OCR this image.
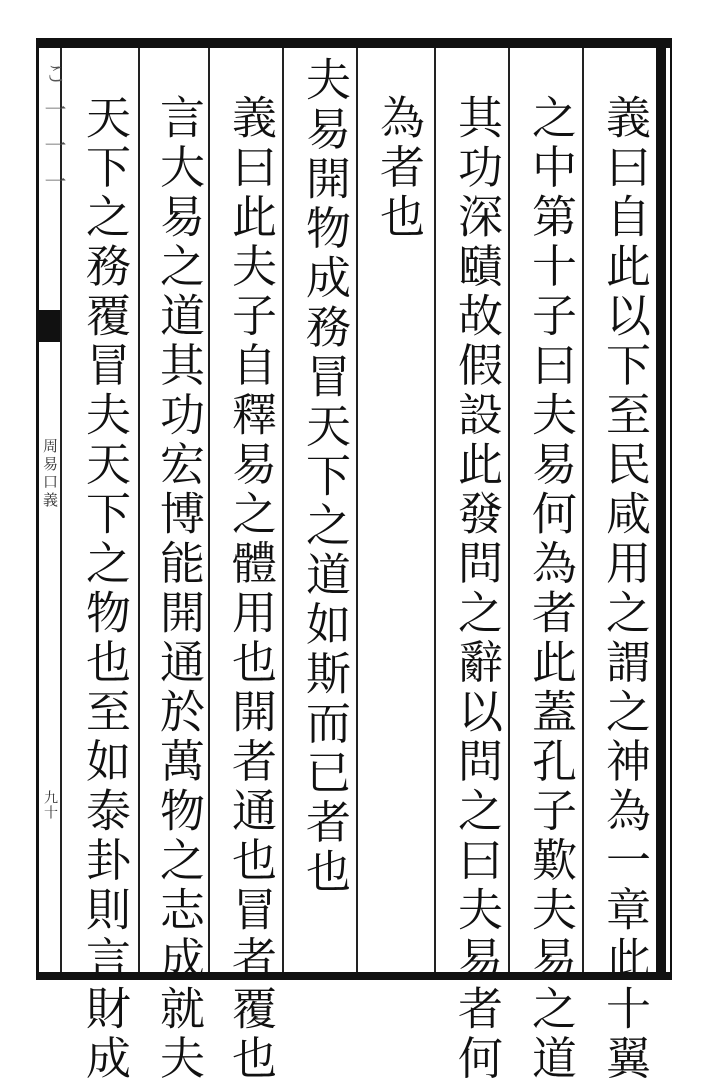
こ一一一
周易口義
九十	義曰自此以下至民咸用之謂之神為一章此十翼
之中第十子曰夫易何為者此蓋孔子歎夫易之道
其功深賾故假設此發問之辭以問之曰夫易者何
為者也
夫易開物成務冒天下之道如斯而已者也
義曰此夫子自釋易之體用也開者通也冒者覆也
言大易之道其功宏博能開通於萬物之志成就夫
天下之務覆冒夫天下之物也至如泰卦則言財成
